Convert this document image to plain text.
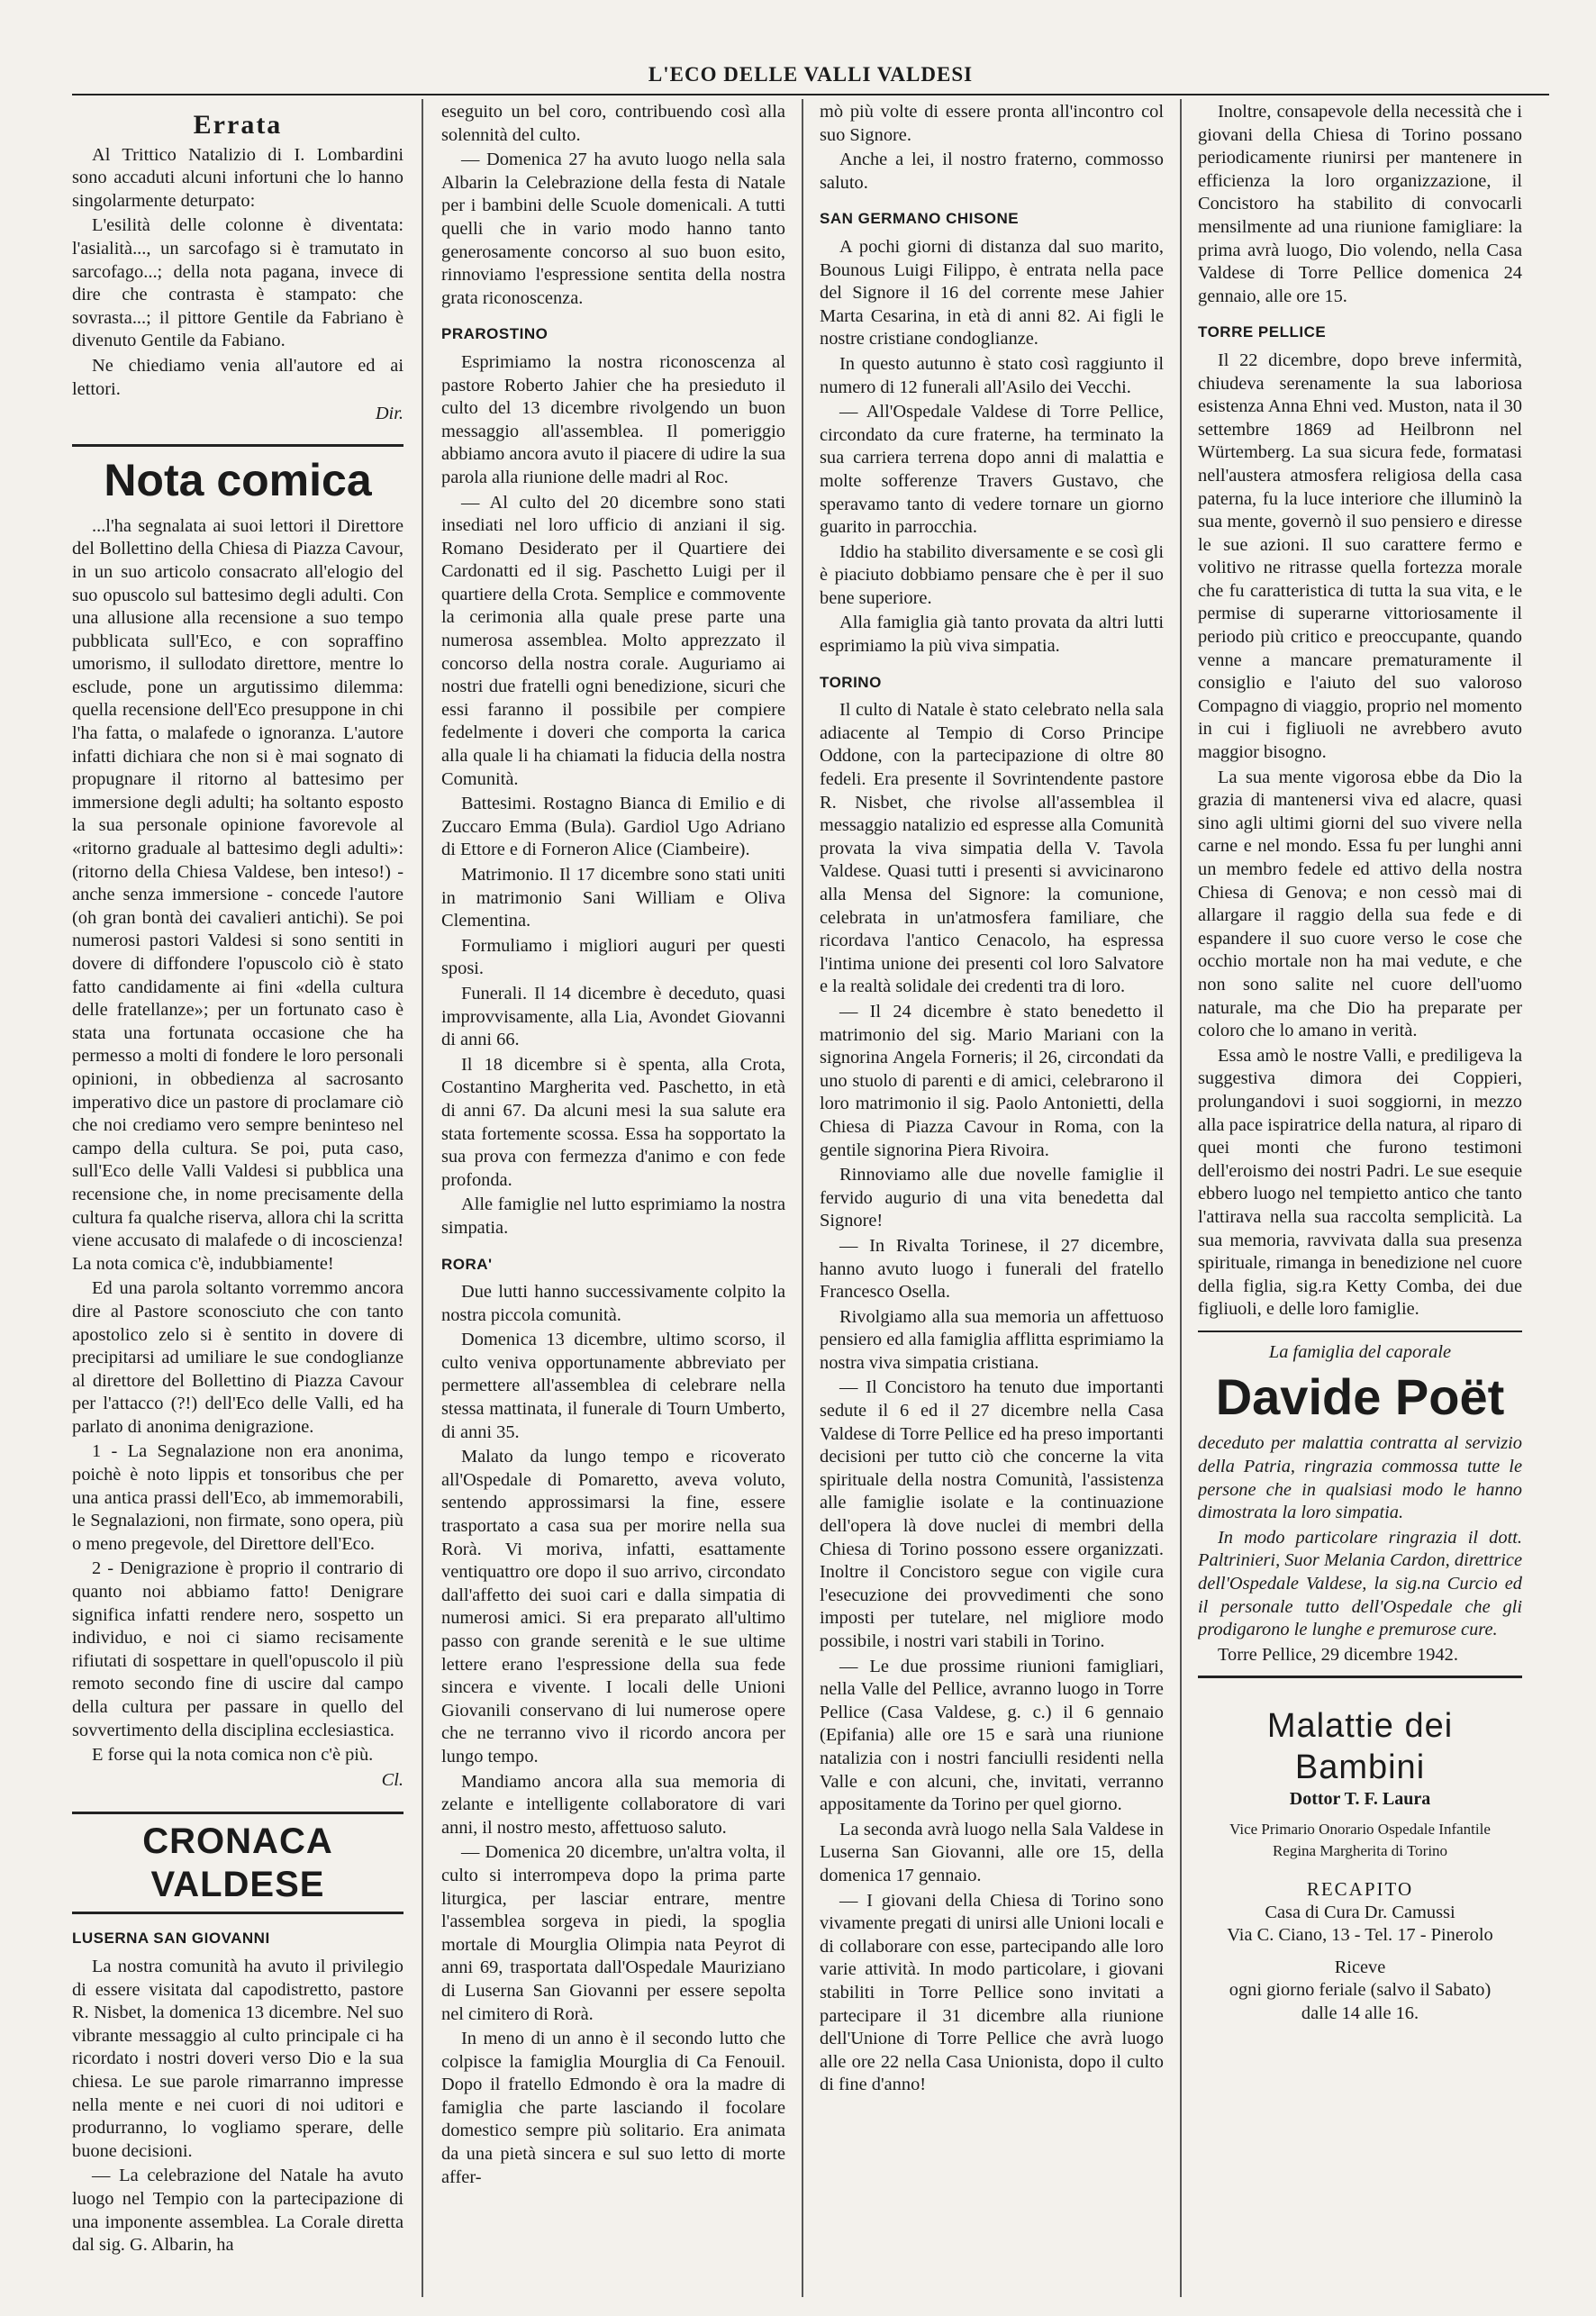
L'ECO DELLE VALLI VALDESI
Errata

Al Trittico Natalizio di I. Lombardini sono accaduti alcuni infortuni che lo hanno singolarmente deturpato:

L'esilità delle colonne è diventata: l'asialità..., un sarcofago si è tramutato in sarcofago...; della nota pagana, invece di dire che contrasta è stampato: che sovrasta...; il pittore Gentile da Fabriano è divenuto Gentile da Fabiano.

Ne chiediamo venia all'autore ed ai lettori.

Dir.

Nota comica

...l'ha segnalata ai suoi lettori il Direttore del Bollettino della Chiesa di Piazza Cavour, in un suo articolo consacrato all'elogio del suo opuscolo sul battesimo degli adulti. Con una allusione alla recensione a suo tempo pubblicata sull'Eco, e con sopraffino umorismo, il sullodato direttore, mentre lo esclude, pone un argutissimo dilemma: quella recensione dell'Eco presuppone in chi l'ha fatta, o malafede o ignoranza. L'autore infatti dichiara che non si è mai sognato di propugnare il ritorno al battesimo per immersione degli adulti; ha soltanto esposto la sua personale opinione favorevole al «ritorno graduale al battesimo degli adulti»: (ritorno della Chiesa Valdese, ben inteso!) - anche senza immersione - concede l'autore (oh gran bontà dei cavalieri antichi). Se poi numerosi pastori Valdesi si sono sentiti in dovere di diffondere l'opuscolo ciò è stato fatto candidamente ai fini «della cultura delle fratellanze»; per un fortunato caso è stata una fortunata occasione che ha permesso a molti di fondere le loro personali opinioni, in obbedienza al sacrosanto imperativo dice un pastore di proclamare ciò che noi crediamo vero sempre beninteso nel campo della cultura. Se poi, puta caso, sull'Eco delle Valli Valdesi si pubblica una recensione che, in nome precisamente della cultura fa qualche riserva, allora chi la scritta viene accusato di malafede o di incoscienza! La nota comica c'è, indubbiamente!

Ed una parola soltanto vorremmo ancora dire al Pastore sconosciuto che con tanto apostolico zelo si è sentito in dovere di precipitarsi ad umiliare le sue condoglianze al direttore del Bollettino di Piazza Cavour per l'attacco (?!) dell'Eco delle Valli, ed ha parlato di anonima denigrazione.

1 - La Segnalazione non era anonima, poichè è noto lippis et tonsoribus che per una antica prassi dell'Eco, ab immemorabili, le Segnalazioni, non firmate, sono opera, più o meno pregevole, del Direttore dell'Eco.

2 - Denigrazione è proprio il contrario di quanto noi abbiamo fatto! Denigrare significa infatti rendere nero, sospetto un individuo, e noi ci siamo recisamente rifiutati di sospettare in quell'opuscolo il più remoto secondo fine di uscire dal campo della cultura per passare in quello del sovvertimento della disciplina ecclesiastica.

E forse qui la nota comica non c'è più.

Cl.

CRONACA VALDESE
LUSERNA SAN GIOVANNI

La nostra comunità ha avuto il privilegio di essere visitata dal capodistretto, pastore R. Nisbet, la domenica 13 dicembre. Nel suo vibrante messaggio al culto principale ci ha ricordato i nostri doveri verso Dio e la sua chiesa. Le sue parole rimarranno impresse nella mente e nei cuori di noi uditori e produrranno, lo vogliamo sperare, delle buone decisioni.

— La celebrazione del Natale ha avuto luogo nel Tempio con la partecipazione di una imponente assemblea. La Corale diretta dal sig. G. Albarin, ha

eseguito un bel coro, contribuendo così alla solennità del culto.

— Domenica 27 ha avuto luogo nella sala Albarin la Celebrazione della festa di Natale per i bambini delle Scuole domenicali. A tutti quelli che in vario modo hanno tanto generosamente concorso al suo buon esito, rinnoviamo l'espressione sentita della nostra grata riconoscenza.

PRAROSTINO

Esprimiamo la nostra riconoscenza al pastore Roberto Jahier che ha presieduto il culto del 13 dicembre rivolgendo un buon messaggio all'assemblea. Il pomeriggio abbiamo ancora avuto il piacere di udire la sua parola alla riunione delle madri al Roc.

— Al culto del 20 dicembre sono stati insediati nel loro ufficio di anziani il sig. Romano Desiderato per il Quartiere dei Cardonatti ed il sig. Paschetto Luigi per il quartiere della Crota. Semplice e commovente la cerimonia alla quale prese parte una numerosa assemblea. Molto apprezzato il concorso della nostra corale. Auguriamo ai nostri due fratelli ogni benedizione, sicuri che essi faranno il possibile per compiere fedelmente i doveri che comporta la carica alla quale li ha chiamati la fiducia della nostra Comunità.

Battesimi. Rostagno Bianca di Emilio e di Zuccaro Emma (Bula). Gardiol Ugo Adriano di Ettore e di Forneron Alice (Ciambeire).

Matrimonio. Il 17 dicembre sono stati uniti in matrimonio Sani William e Oliva Clementina.

Formuliamo i migliori auguri per questi sposi.

Funerali. Il 14 dicembre è deceduto, quasi improvvisamente, alla Lia, Avondet Giovanni di anni 66.

Il 18 dicembre si è spenta, alla Crota, Costantino Margherita ved. Paschetto, in età di anni 67. Da alcuni mesi la sua salute era stata fortemente scossa. Essa ha sopportato la sua prova con fermezza d'animo e con fede profonda.

Alle famiglie nel lutto esprimiamo la nostra simpatia.

RORA'

Due lutti hanno successivamente colpito la nostra piccola comunità.

Domenica 13 dicembre, ultimo scorso, il culto veniva opportunamente abbreviato per permettere all'assemblea di celebrare nella stessa mattinata, il funerale di Tourn Umberto, di anni 35.

Malato da lungo tempo e ricoverato all'Ospedale di Pomaretto, aveva voluto, sentendo approssimarsi la fine, essere trasportato a casa sua per morire nella sua Rorà. Vi moriva, infatti, esattamente ventiquattro ore dopo il suo arrivo, circondato dall'affetto dei suoi cari e dalla simpatia di numerosi amici. Si era preparato all'ultimo passo con grande serenità e le sue ultime lettere erano l'espressione della sua fede sincera e vivente. I locali delle Unioni Giovanili conservano di lui numerose opere che ne terranno vivo il ricordo ancora per lungo tempo.

Mandiamo ancora alla sua memoria di zelante e intelligente collaboratore di vari anni, il nostro mesto, affettuoso saluto.

— Domenica 20 dicembre, un'altra volta, il culto si interrompeva dopo la prima parte liturgica, per lasciar entrare, mentre l'assemblea sorgeva in piedi, la spoglia mortale di Mourglia Olimpia nata Peyrot di anni 69, trasportata dall'Ospedale Mauriziano di Luserna San Giovanni per essere sepolta nel cimitero di Rorà.

In meno di un anno è il secondo lutto che colpisce la famiglia Mourglia di Ca Fenouil. Dopo il fratello Edmondo è ora la madre di famiglia che parte lasciando il focolare domestico sempre più solitario. Era animata da una pietà sincera e sul suo letto di morte affer-

mò più volte di essere pronta all'incontro col suo Signore.

Anche a lei, il nostro fraterno, commosso saluto.

SAN GERMANO CHISONE

A pochi giorni di distanza dal suo marito, Bounous Luigi Filippo, è entrata nella pace del Signore il 16 del corrente mese Jahier Marta Cesarina, in età di anni 82. Ai figli le nostre cristiane condoglianze.

In questo autunno è stato così raggiunto il numero di 12 funerali all'Asilo dei Vecchi.

— All'Ospedale Valdese di Torre Pellice, circondato da cure fraterne, ha terminato la sua carriera terrena dopo anni di malattia e molte sofferenze Travers Gustavo, che speravamo tanto di vedere tornare un giorno guarito in parrocchia.

Iddio ha stabilito diversamente e se così gli è piaciuto dobbiamo pensare che è per il suo bene superiore.

Alla famiglia già tanto provata da altri lutti esprimiamo la più viva simpatia.

TORINO

Il culto di Natale è stato celebrato nella sala adiacente al Tempio di Corso Principe Oddone, con la partecipazione di oltre 80 fedeli. Era presente il Sovrintendente pastore R. Nisbet, che rivolse all'assemblea il messaggio natalizio ed espresse alla Comunità provata la viva simpatia della V. Tavola Valdese. Quasi tutti i presenti si avvicinarono alla Mensa del Signore: la comunione, celebrata in un'atmosfera familiare, che ricordava l'antico Cenacolo, ha espressa l'intima unione dei presenti col loro Salvatore e la realtà solidale dei credenti tra di loro.

— Il 24 dicembre è stato benedetto il matrimonio del sig. Mario Mariani con la signorina Angela Forneris; il 26, circondati da uno stuolo di parenti e di amici, celebrarono il loro matrimonio il sig. Paolo Antonietti, della Chiesa di Piazza Cavour in Roma, con la gentile signorina Piera Rivoira.

Rinnoviamo alle due novelle famiglie il fervido augurio di una vita benedetta dal Signore!

— In Rivalta Torinese, il 27 dicembre, hanno avuto luogo i funerali del fratello Francesco Osella.

Rivolgiamo alla sua memoria un affettuoso pensiero ed alla famiglia afflitta esprimiamo la nostra viva simpatia cristiana.

— Il Concistoro ha tenuto due importanti sedute il 6 ed il 27 dicembre nella Casa Valdese di Torre Pellice ed ha preso importanti decisioni per tutto ciò che concerne la vita spirituale della nostra Comunità, l'assistenza alle famiglie isolate e la continuazione dell'opera là dove nuclei di membri della Chiesa di Torino possono essere organizzati. Inoltre il Concistoro segue con vigile cura l'esecuzione dei provvedimenti che sono imposti per tutelare, nel migliore modo possibile, i nostri vari stabili in Torino.

— Le due prossime riunioni famigliari, nella Valle del Pellice, avranno luogo in Torre Pellice (Casa Valdese, g. c.) il 6 gennaio (Epifania) alle ore 15 e sarà una riunione natalizia con i nostri fanciulli residenti nella Valle e con alcuni, che, invitati, verranno appositamente da Torino per quel giorno.

La seconda avrà luogo nella Sala Valdese in Luserna San Giovanni, alle ore 15, della domenica 17 gennaio.

— I giovani della Chiesa di Torino sono vivamente pregati di unirsi alle Unioni locali e di collaborare con esse, partecipando alle loro varie attività. In modo particolare, i giovani stabiliti in Torre Pellice sono invitati a partecipare il 31 dicembre alla riunione dell'Unione di Torre Pellice che avrà luogo alle ore 22 nella Casa Unionista, dopo il culto di fine d'anno!

Inoltre, consapevole della necessità che i giovani della Chiesa di Torino possano periodicamente riunirsi per mantenere in efficienza la loro organizzazione, il Concistoro ha stabilito di convocarli mensilmente ad una riunione famigliare: la prima avrà luogo, Dio volendo, nella Casa Valdese di Torre Pellice domenica 24 gennaio, alle ore 15.

TORRE PELLICE

Il 22 dicembre, dopo breve infermità, chiudeva serenamente la sua laboriosa esistenza Anna Ehni ved. Muston, nata il 30 settembre 1869 ad Heilbronn nel Würtemberg. La sua sicura fede, formatasi nell'austera atmosfera religiosa della casa paterna, fu la luce interiore che illuminò la sua mente, governò il suo pensiero e diresse le sue azioni. Il suo carattere fermo e volitivo ne ritrasse quella fortezza morale che fu caratteristica di tutta la sua vita, e le permise di superarne vittoriosamente il periodo più critico e preoccupante, quando venne a mancare prematuramente il consiglio e l'aiuto del suo valoroso Compagno di viaggio, proprio nel momento in cui i figliuoli ne avrebbero avuto maggior bisogno.

La sua mente vigorosa ebbe da Dio la grazia di mantenersi viva ed alacre, quasi sino agli ultimi giorni del suo vivere nella carne e nel mondo. Essa fu per lunghi anni un membro fedele ed attivo della nostra Chiesa di Genova; e non cessò mai di allargare il raggio della sua fede e di espandere il suo cuore verso le cose che occhio mortale non ha mai vedute, e che non sono salite nel cuore dell'uomo naturale, ma che Dio ha preparate per coloro che lo amano in verità.

Essa amò le nostre Valli, e prediligeva la suggestiva dimora dei Coppieri, prolungandovi i suoi soggiorni, in mezzo alla pace ispiratrice della natura, al riparo di quei monti che furono testimoni dell'eroismo dei nostri Padri. Le sue esequie ebbero luogo nel tempietto antico che tanto l'attirava nella sua raccolta semplicità. La sua memoria, ravvivata dalla sua presenza spirituale, rimanga in benedizione nel cuore della figlia, sig.ra Ketty Comba, dei due figliuoli, e delle loro famiglie.

La famiglia del caporale
Davide Poët

deceduto per malattia contratta al servizio della Patria, ringrazia commossa tutte le persone che in qualsiasi modo le hanno dimostrata la loro simpatia.

In modo particolare ringrazia il dott. Paltrinieri, Suor Melania Cardon, direttrice dell'Ospedale Valdese, la sig.na Curcio ed il personale tutto dell'Ospedale che gli prodigarono le lunghe e premurose cure.

Torre Pellice, 29 dicembre 1942.

Malattie dei Bambini
Dottor T. F. Laura
Vice Primario Onorario Ospedale Infantile
Regina Margherita di Torino
RECAPITO
Casa di Cura Dr. Camussi
Via C. Ciano, 13 - Tel. 17 - Pinerolo
Riceve
ogni giorno feriale (salvo il Sabato)
dalle 14 alle 16.
